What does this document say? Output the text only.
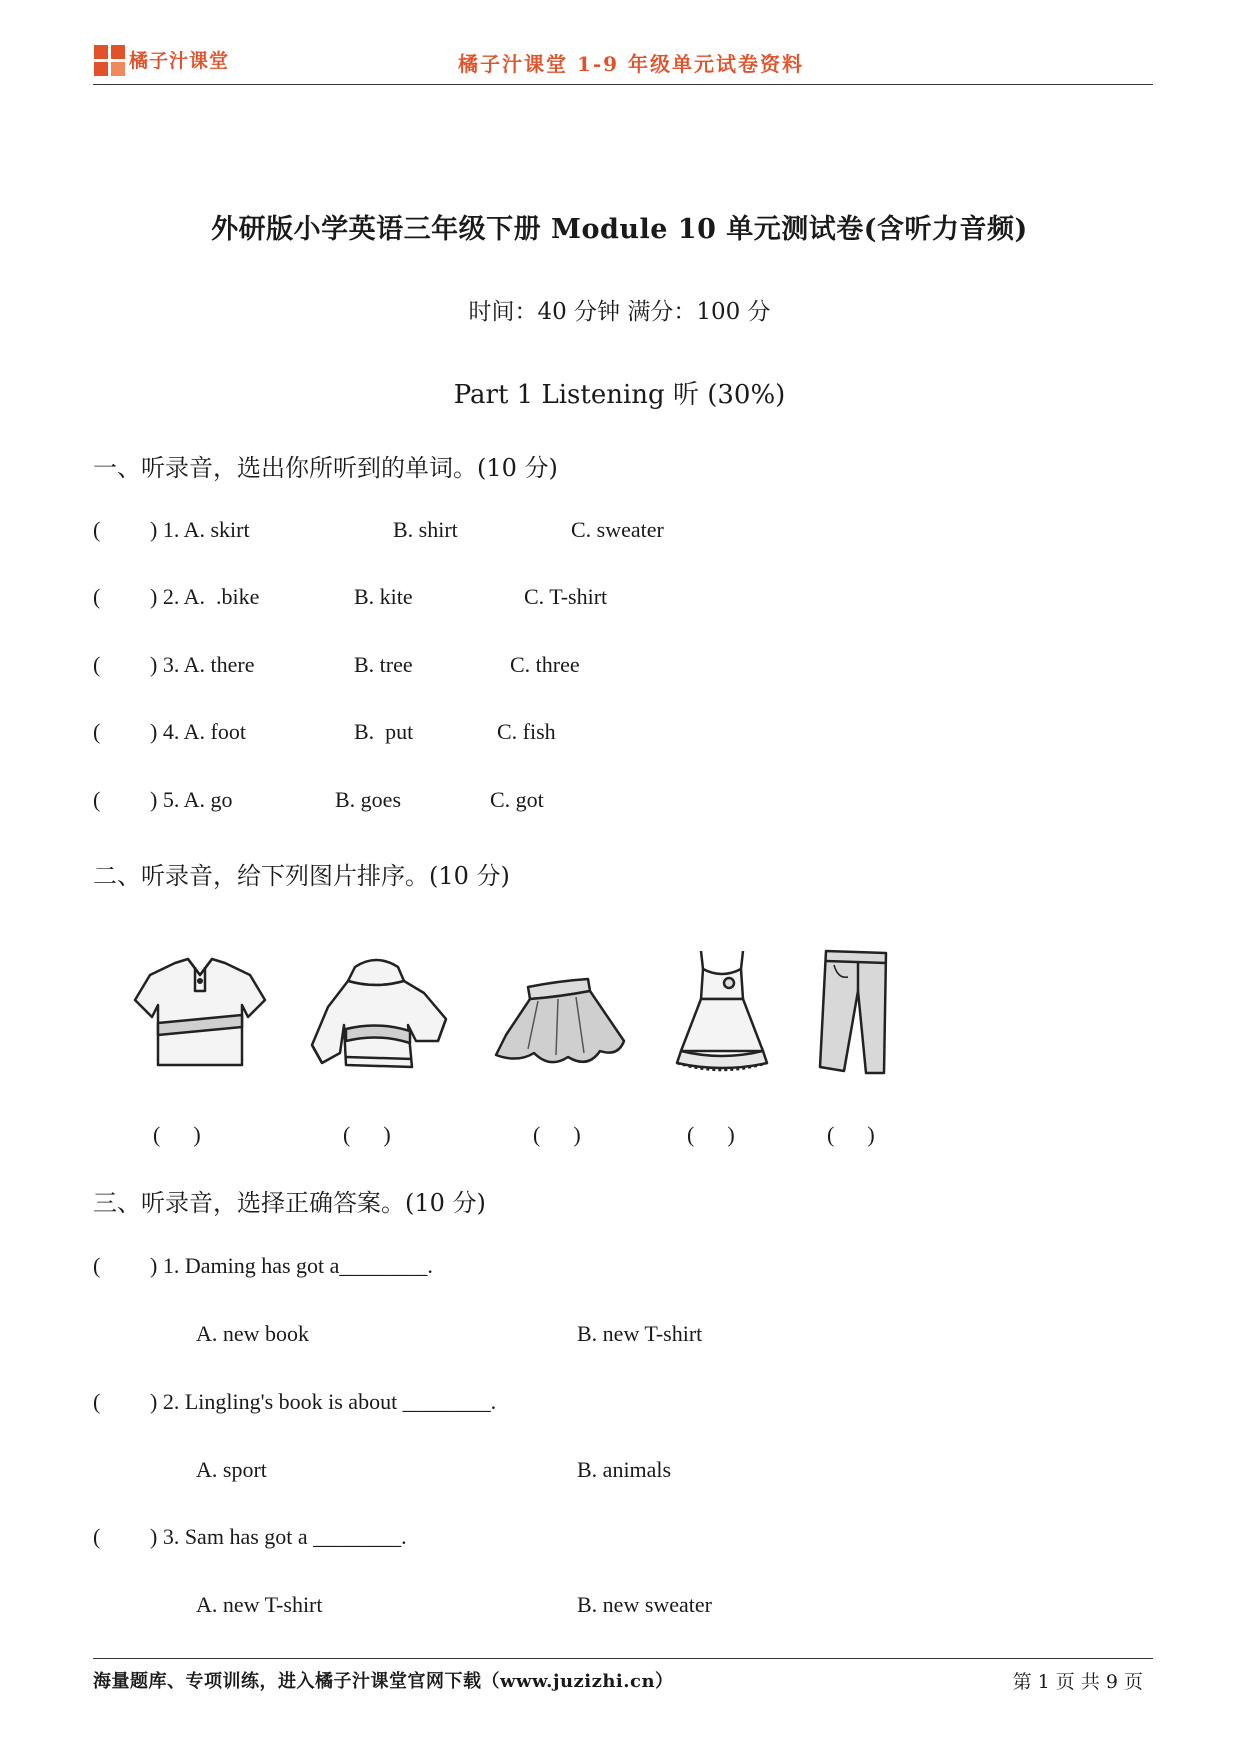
橘子汁课堂	橘子汁课堂 1-9 年级单元试卷资料
外研版小学英语三年级下册 Module 10 单元测试卷(含听力音频)
时间：40 分钟 满分：100 分
Part 1 Listening 听 (30%)
一、听录音，选出你所听到的单词。(10 分)
( ) 1. A. skirt	B. shirt	C. sweater
( ) 2. A.  .bike	B. kite	C. T-shirt
( ) 3. A. there	B. tree	C. three
( ) 4. A. foot	B.  put	C. fish
( ) 5. A. go	B. goes	C. got
二、听录音，给下列图片排序。(10 分)
(      )	(      )	(      )	(      )	(      )
三、听录音，选择正确答案。(10 分)
( ) 1. Daming has got a________.
A. new book	B. new T-shirt
( ) 2. Lingling's book is about ________.
A. sport	B. animals
( ) 3. Sam has got a ________.
A. new T-shirt	B. new sweater
海量题库、专项训练，进入橘子汁课堂官网下载（www.juzizhi.cn）	第 1 页 共 9 页
